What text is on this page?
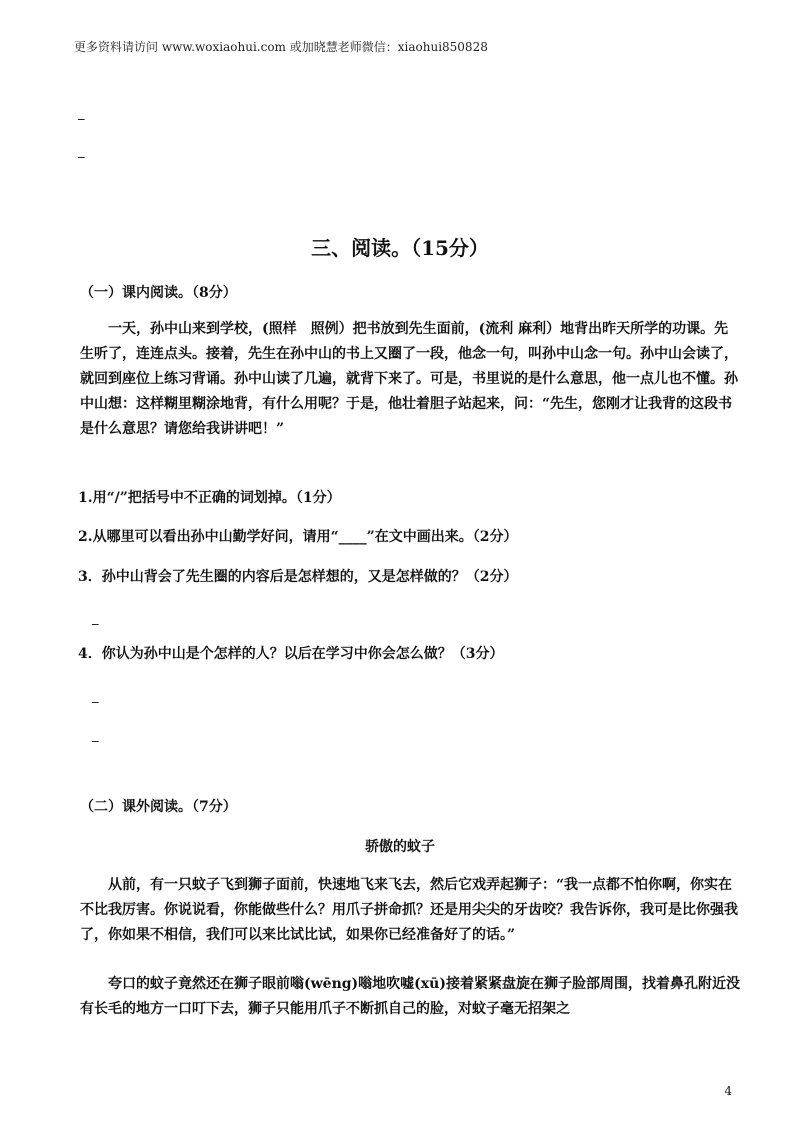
更多资料请访问 www.woxiaohui.com 或加晓慧老师微信：xiaohui850828
_
_
三、阅读。（15分）
（一）课内阅读。（8分）
　　一天，孙中山来到学校，(照样　照例）把书放到先生面前，(流利 麻利）地背出昨天所学的功课。先生听了，连连点头。接着，先生在孙中山的书上又圈了一段，他念一句，叫孙中山念一句。孙中山会读了，就回到座位上练习背诵。孙中山读了几遍，就背下来了。可是，书里说的是什么意思，他一点儿也不懂。孙中山想：这样糊里糊涂地背，有什么用呢？于是，他壮着胆子站起来，问：“先生，您刚才让我背的这段书是什么意思？请您给我讲讲吧！”
1.用“/”把括号中不正确的词划掉。（1分）
2.从哪里可以看出孙中山勤学好问，请用“____”在文中画出来。（2分）
3．孙中山背会了先生圈的内容后是怎样想的，又是怎样做的？（2分）
_
4．你认为孙中山是个怎样的人？以后在学习中你会怎么做？（3分）
_
_
（二）课外阅读。（7分）
骄傲的蚊子
　　从前，有一只蚊子飞到狮子面前，快速地飞来飞去，然后它戏弄起狮子：“我一点都不怕你啊，你实在不比我厉害。你说说看，你能做些什么？用爪子拼命抓？还是用尖尖的牙齿咬？我告诉你，我可是比你强我了，你如果不相信，我们可以来比试比试，如果你已经准备好了的话。”
　　夸口的蚊子竟然还在狮子眼前嗡(wēng)嗡地吹嘘(xū)接着紧紧盘旋在狮子脸部周围，找着鼻孔附近没有长毛的地方一口叮下去，狮子只能用爪子不断抓自己的脸，对蚊子毫无招架之
4
